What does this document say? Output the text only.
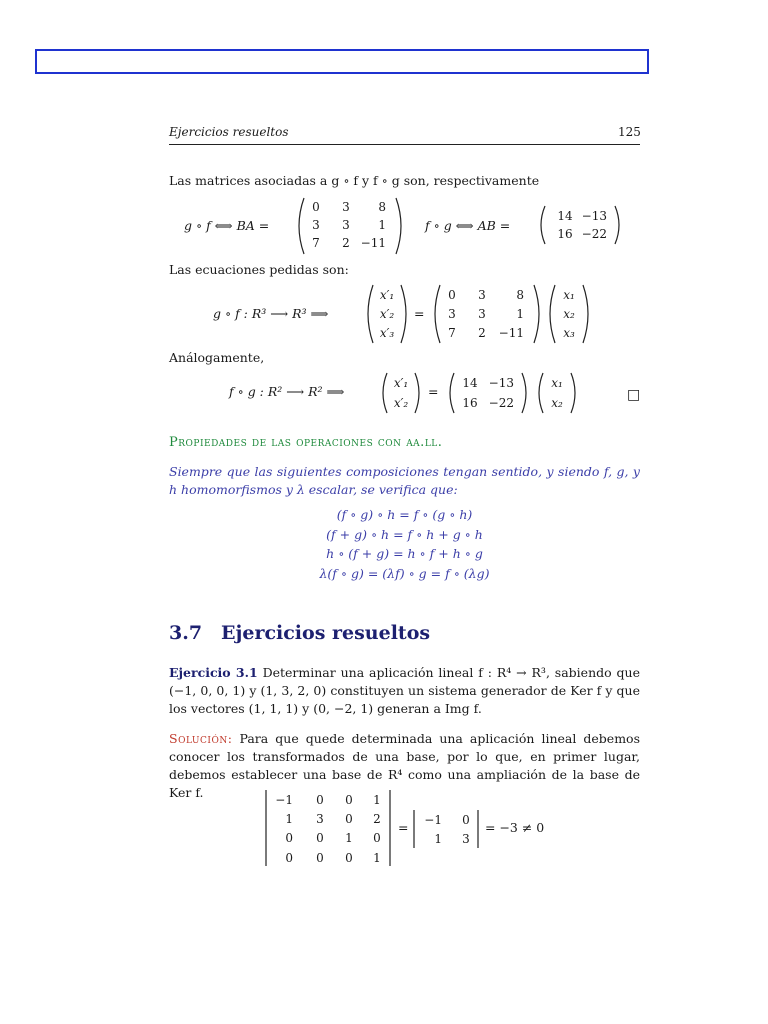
Ejercicios resueltos	125
Las matrices asociadas a g ∘ f y f ∘ g son, respectivamente
g ∘ f ⟺ BA =
0 3 8
3 3 1
7 2 −11
f ∘ g ⟺ AB =
14 −13
16 −22
Las ecuaciones pedidas son:
g ∘ f : R³ ⟶ R³ ⟹
x′₁
x′₂
x′₃
=
0 3	8
3 3	1
7 2 −11
x₁
x₂
x₃
Análogamente,
f ∘ g : R² ⟶ R² ⟹
x′₁
x′₂
=
14 −13
16 −22
x₁
x₂	□
Propiedades de las operaciones con aa.ll.
Siempre que las siguientes composiciones tengan sentido, y siendo f, g, y h homomorfismos y λ escalar, se verifica que:
(f ∘ g) ∘ h = f ∘ (g ∘ h)
(f + g) ∘ h = f ∘ h + g ∘ h
h ∘ (f + g) = h ∘ f + h ∘ g
λ(f ∘ g) = (λf) ∘ g = f ∘ (λg)
3.7 Ejercicios resueltos
Ejercicio 3.1 Determinar una aplicación lineal f : R⁴ → R³, sabiendo que (−1, 0, 0, 1) y (1, 3, 2, 0) constituyen un sistema generador de Ker f y que los vectores (1, 1, 1) y (0, −2, 1) generan a Img f.
Solución: Para que quede determinada una aplicación lineal debemos conocer los transformados de una base, por lo que, en primer lugar, debemos establecer una base de R⁴ como una ampliación de la base de Ker f.	−1 0 0 1
1 3 0 2
0 0 1 0
0 0 0 1
= −1 0
1 3
= −3 ≠ 0
